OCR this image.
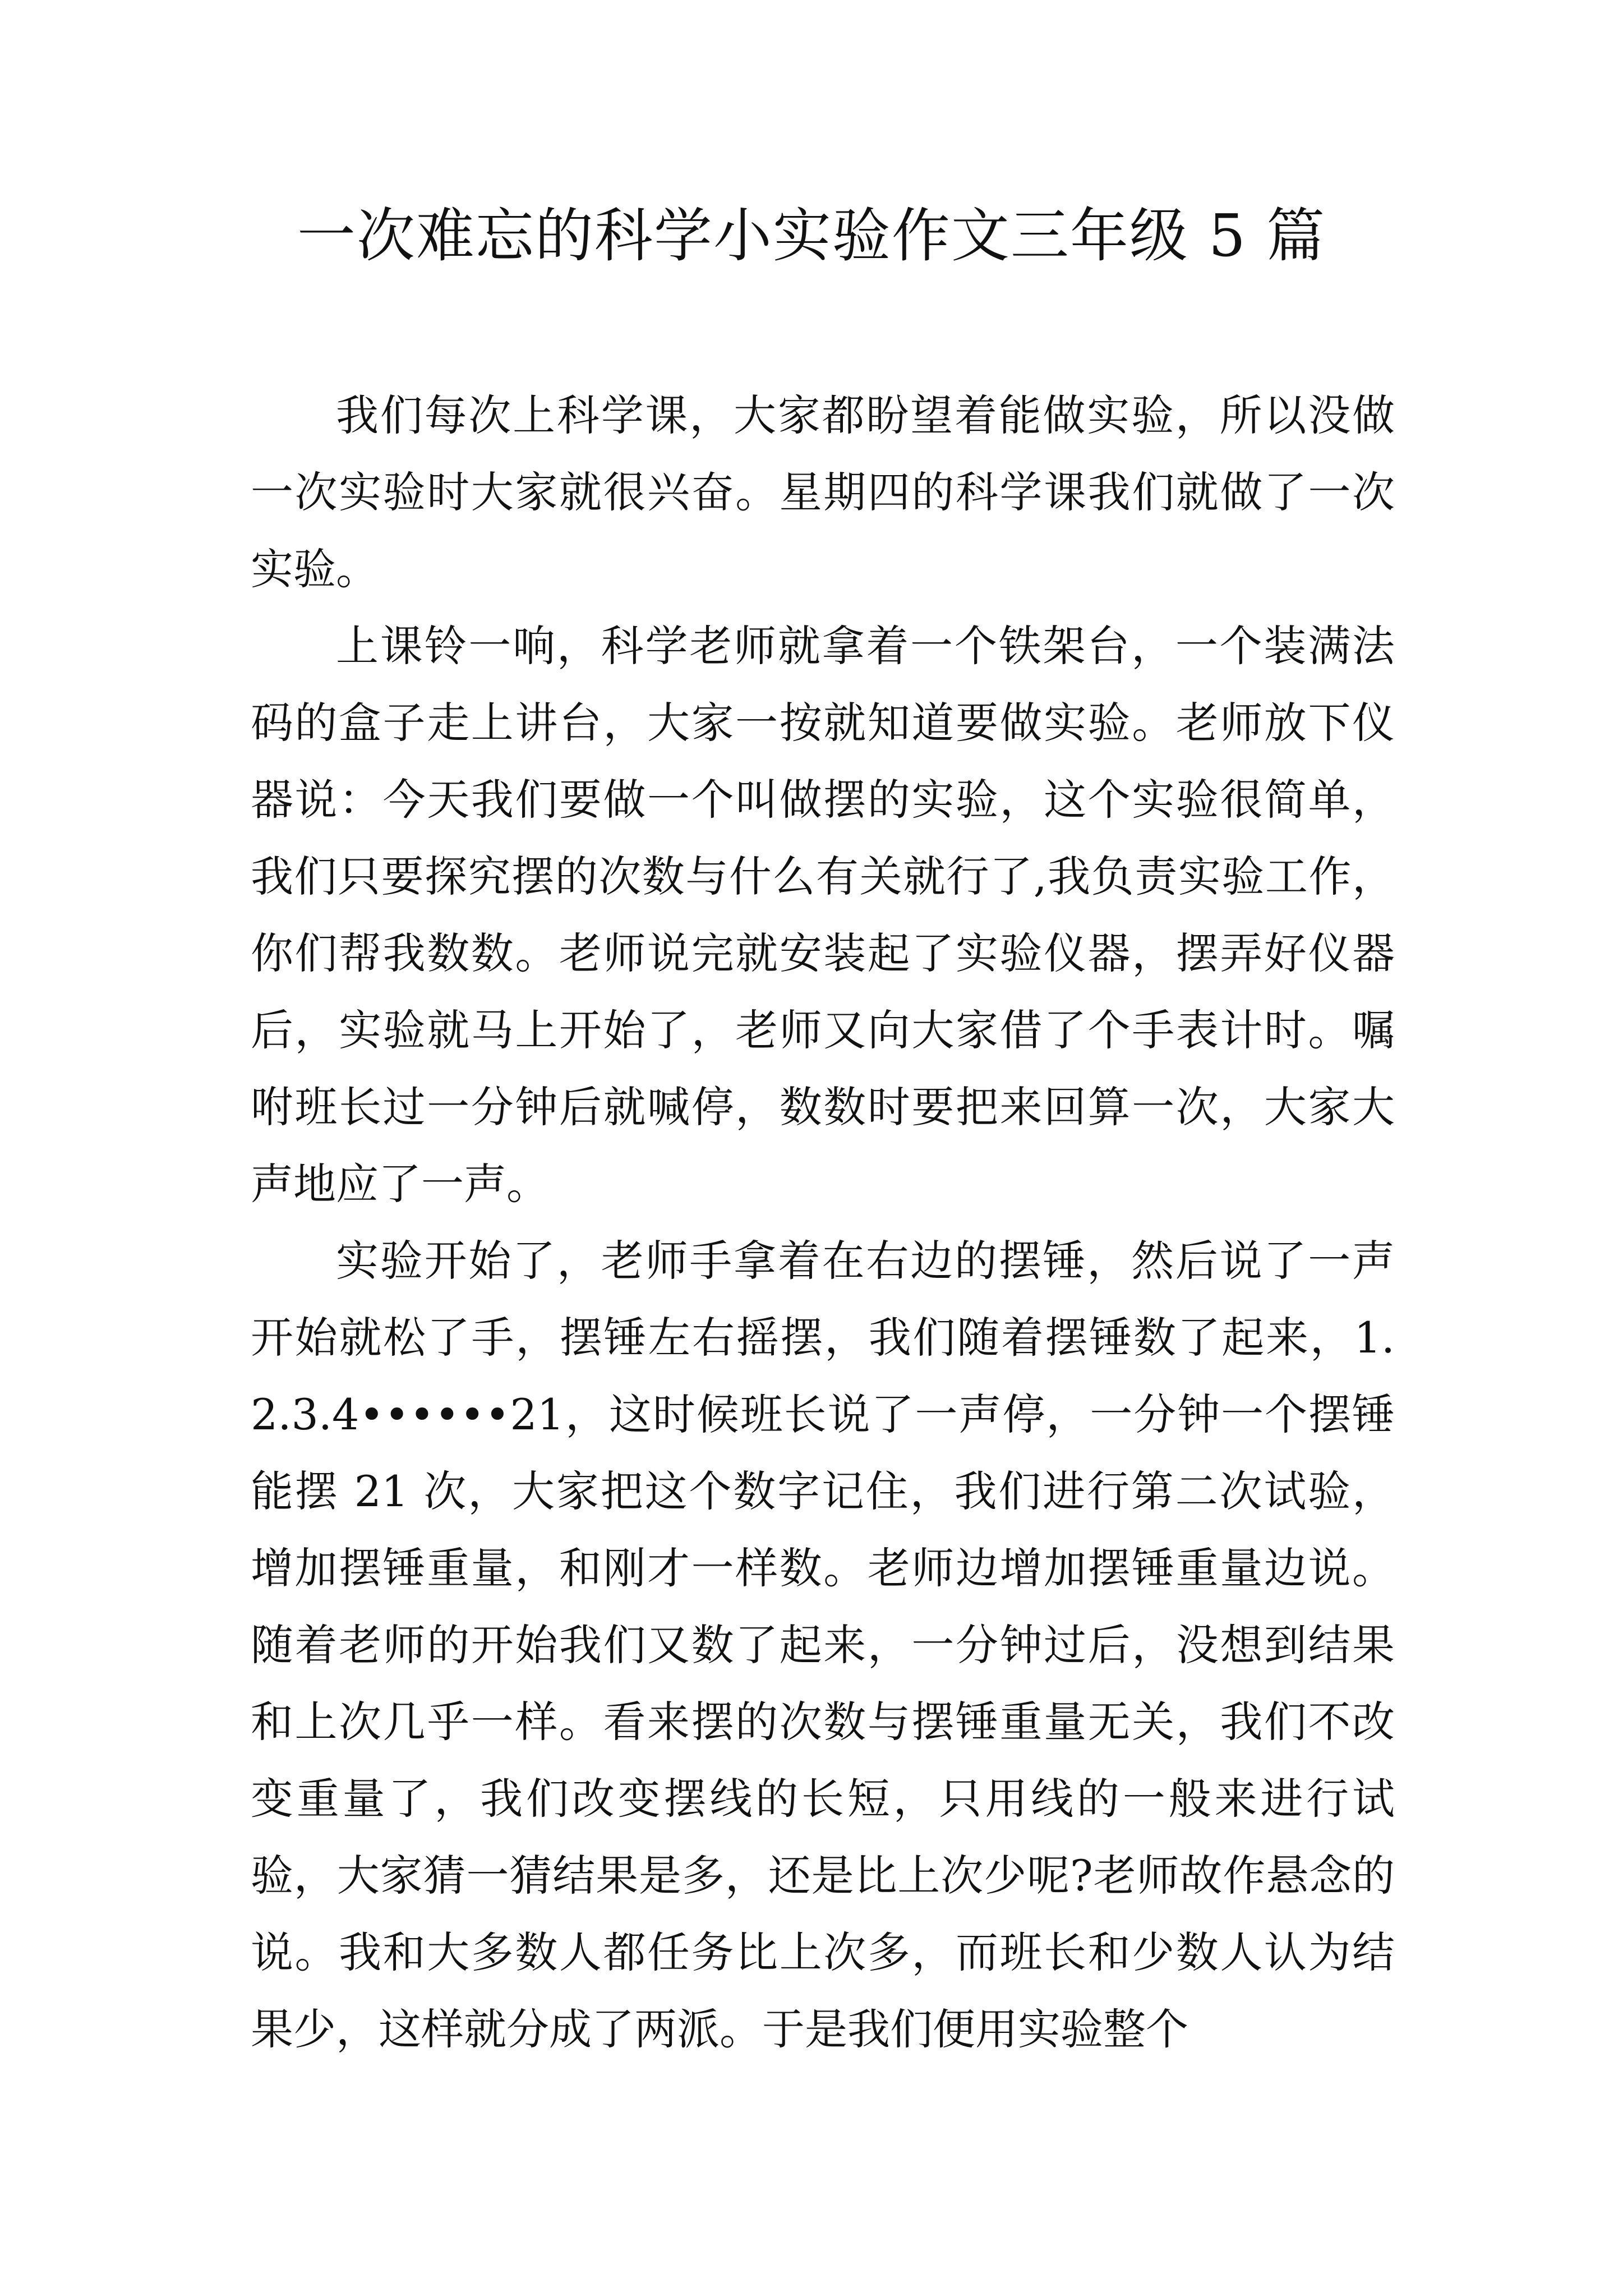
一次难忘的科学小实验作文三年级 5 篇

我们每次上科学课，大家都盼望着能做实验，所以没做一次实验时大家就很兴奋。星期四的科学课我们就做了一次实验。

上课铃一响，科学老师就拿着一个铁架台，一个装满法码的盒子走上讲台，大家一按就知道要做实验。老师放下仪器说：今天我们要做一个叫做摆的实验，这个实验很简单，我们只要探究摆的次数与什么有关就行了,我负责实验工作，你们帮我数数。老师说完就安装起了实验仪器，摆弄好仪器后，实验就马上开始了，老师又向大家借了个手表计时。嘱咐班长过一分钟后就喊停，数数时要把来回算一次，大家大声地应了一声。

实验开始了，老师手拿着在右边的摆锤，然后说了一声开始就松了手，摆锤左右摇摆，我们随着摆锤数了起来，1.2.3.4••••••21，这时候班长说了一声停，一分钟一个摆锤能摆 21 次，大家把这个数字记住，我们进行第二次试验，增加摆锤重量，和刚才一样数。老师边增加摆锤重量边说。随着老师的开始我们又数了起来，一分钟过后，没想到结果和上次几乎一样。看来摆的次数与摆锤重量无关，我们不改变重量了，我们改变摆线的长短，只用线的一般来进行试验，大家猜一猜结果是多，还是比上次少呢?老师故作悬念的说。我和大多数人都任务比上次多，而班长和少数人认为结果少，这样就分成了两派。于是我们便用实验整个
